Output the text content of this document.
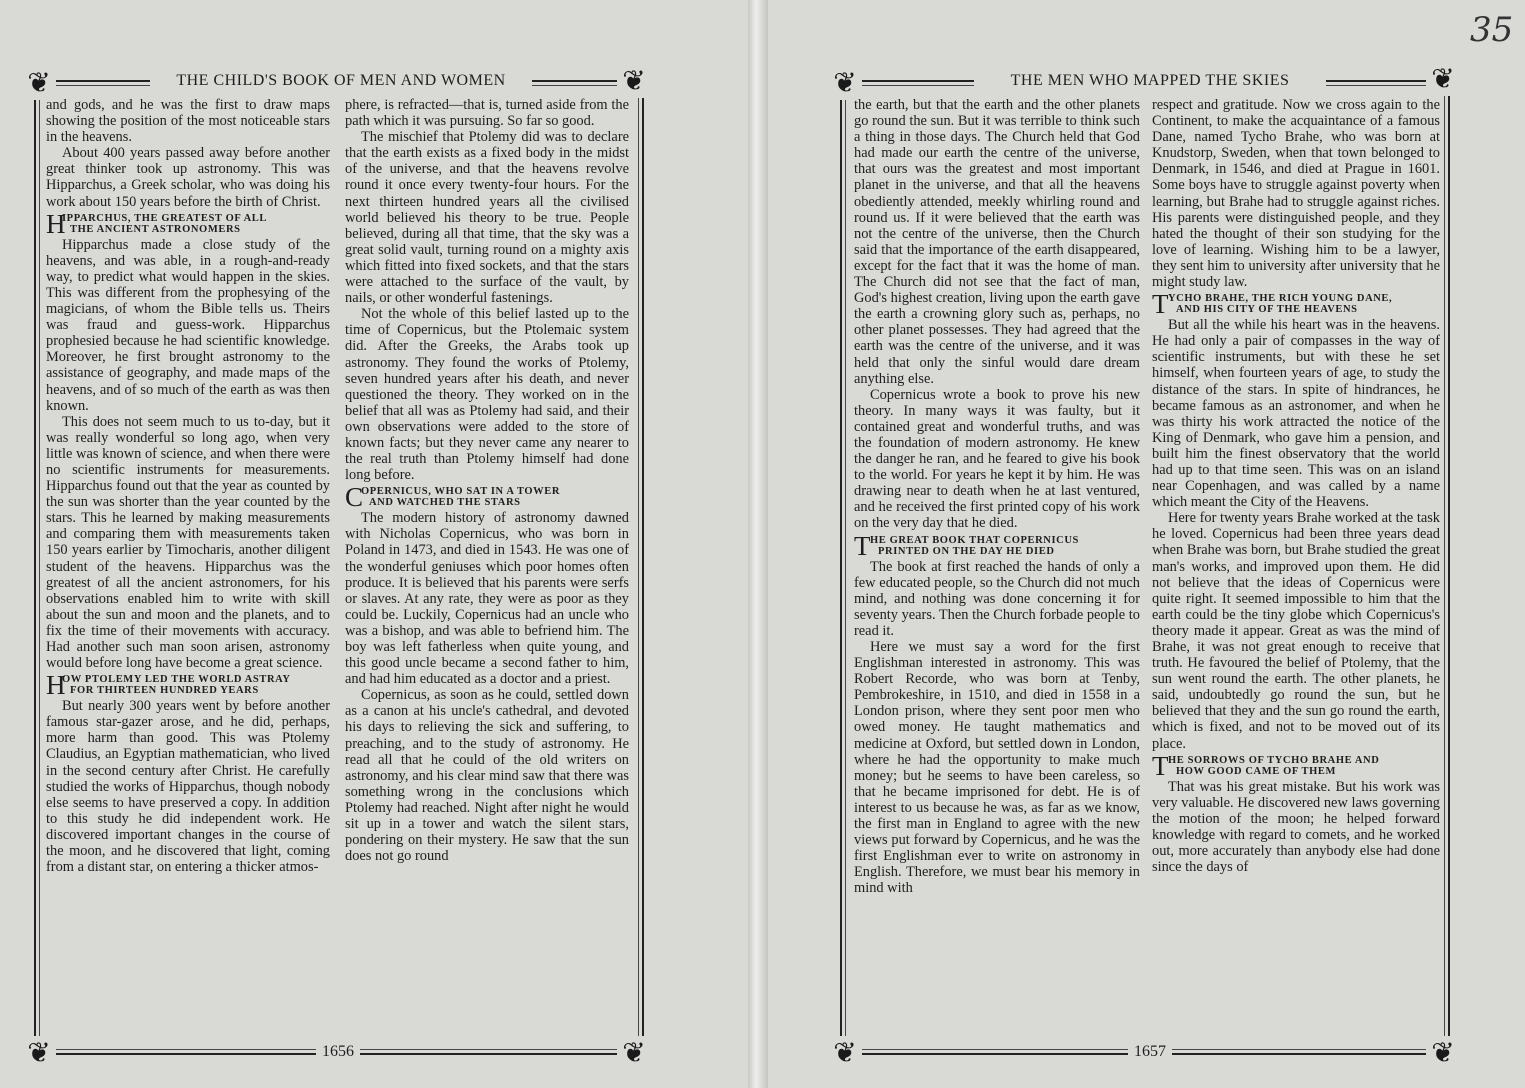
❦	❦
❦	❦
THE CHILD'S BOOK OF MEN AND WOMEN
1656

and gods, and he was the first to draw maps showing the position of the most noticeable stars in the heavens.

About 400 years passed away before another great thinker took up astronomy. This was Hipparchus, a Greek scholar, who was doing his work about 150 years before the birth of Christ.

H
IPPARCHUS, THE GREATEST OF ALL
THE ANCIENT ASTRONOMERS

Hipparchus made a close study of the heavens, and was able, in a rough-and-ready way, to predict what would happen in the skies. This was different from the prophesying of the magicians, of whom the Bible tells us. Theirs was fraud and guess-work. Hipparchus prophesied because he had scientific knowledge. Moreover, he first brought astronomy to the assistance of geography, and made maps of the heavens, and of so much of the earth as was then known.

This does not seem much to us to-day, but it was really wonderful so long ago, when very little was known of science, and when there were no scientific instruments for measurements. Hipparchus found out that the year as counted by the sun was shorter than the year counted by the stars. This he learned by making measurements and comparing them with measurements taken 150 years earlier by Timocharis, another diligent student of the heavens. Hipparchus was the greatest of all the ancient astronomers, for his observations enabled him to write with skill about the sun and moon and the planets, and to fix the time of their movements with accuracy. Had another such man soon arisen, astronomy would before long have become a great science.

H
OW PTOLEMY LED THE WORLD ASTRAY
FOR THIRTEEN HUNDRED YEARS

But nearly 300 years went by before another famous star-gazer arose, and he did, perhaps, more harm than good. This was Ptolemy Claudius, an Egyptian mathematician, who lived in the second century after Christ. He carefully studied the works of Hipparchus, though nobody else seems to have preserved a copy. In addition to this study he did independent work. He discovered important changes in the course of the moon, and he discovered that light, coming from a distant star, on entering a thicker atmos-

phere, is refracted—that is, turned aside from the path which it was pursuing. So far so good.

The mischief that Ptolemy did was to declare that the earth exists as a fixed body in the midst of the universe, and that the heavens revolve round it once every twenty-four hours. For the next thirteen hundred years all the civilised world believed his theory to be true. People believed, during all that time, that the sky was a great solid vault, turning round on a mighty axis which fitted into fixed sockets, and that the stars were attached to the surface of the vault, by nails, or other wonderful fastenings.

Not the whole of this belief lasted up to the time of Copernicus, but the Ptolemaic system did. After the Greeks, the Arabs took up astronomy. They found the works of Ptolemy, seven hundred years after his death, and never questioned the theory. They worked on in the belief that all was as Ptolemy had said, and their own observations were added to the store of known facts; but they never came any nearer to the real truth than Ptolemy himself had done long before.

C
OPERNICUS, WHO SAT IN A TOWER
AND WATCHED THE STARS

The modern history of astronomy dawned with Nicholas Copernicus, who was born in Poland in 1473, and died in 1543. He was one of the wonderful geniuses which poor homes often produce. It is believed that his parents were serfs or slaves. At any rate, they were as poor as they could be. Luckily, Copernicus had an uncle who was a bishop, and was able to befriend him. The boy was left fatherless when quite young, and this good uncle became a second father to him, and had him educated as a doctor and a priest.

Copernicus, as soon as he could, settled down as a canon at his uncle's cathedral, and devoted his days to relieving the sick and suffering, to preaching, and to the study of astronomy. He read all that he could of the old writers on astronomy, and his clear mind saw that there was something wrong in the conclusions which Ptolemy had reached. Night after night he would sit up in a tower and watch the silent stars, pondering on their mystery. He saw that the sun does not go round

❦	❦
❦	❦
THE MEN WHO MAPPED THE SKIES
1657

the earth, but that the earth and the other planets go round the sun. But it was terrible to think such a thing in those days. The Church held that God had made our earth the centre of the universe, that ours was the greatest and most important planet in the universe, and that all the heavens obediently attended, meekly whirling round and round us. If it were believed that the earth was not the centre of the universe, then the Church said that the importance of the earth disappeared, except for the fact that it was the home of man. The Church did not see that the fact of man, God's highest creation, living upon the earth gave the earth a crowning glory such as, perhaps, no other planet possesses. They had agreed that the earth was the centre of the universe, and it was held that only the sinful would dare dream anything else.

Copernicus wrote a book to prove his new theory. In many ways it was faulty, but it contained great and wonderful truths, and was the foundation of modern astronomy. He knew the danger he ran, and he feared to give his book to the world. For years he kept it by him. He was drawing near to death when he at last ventured, and he received the first printed copy of his work on the very day that he died.

T
HE GREAT BOOK THAT COPERNICUS
PRINTED ON THE DAY HE DIED

The book at first reached the hands of only a few educated people, so the Church did not much mind, and nothing was done concerning it for seventy years. Then the Church forbade people to read it.

Here we must say a word for the first Englishman interested in astronomy. This was Robert Recorde, who was born at Tenby, Pembrokeshire, in 1510, and died in 1558 in a London prison, where they sent poor men who owed money. He taught mathematics and medicine at Oxford, but settled down in London, where he had the opportunity to make much money; but he seems to have been careless, so that he became imprisoned for debt. He is of interest to us because he was, as far as we know, the first man in England to agree with the new views put forward by Copernicus, and he was the first Englishman ever to write on astronomy in English. Therefore, we must bear his memory in mind with

respect and gratitude. Now we cross again to the Continent, to make the acquaintance of a famous Dane, named Tycho Brahe, who was born at Knudstorp, Sweden, when that town belonged to Denmark, in 1546, and died at Prague in 1601. Some boys have to struggle against poverty when learning, but Brahe had to struggle against riches. His parents were distinguished people, and they hated the thought of their son studying for the love of learning. Wishing him to be a lawyer, they sent him to university after university that he might study law.

T
YCHO BRAHE, THE RICH YOUNG DANE,
AND HIS CITY OF THE HEAVENS

But all the while his heart was in the heavens. He had only a pair of compasses in the way of scientific instruments, but with these he set himself, when fourteen years of age, to study the distance of the stars. In spite of hindrances, he became famous as an astronomer, and when he was thirty his work attracted the notice of the King of Denmark, who gave him a pension, and built him the finest observatory that the world had up to that time seen. This was on an island near Copenhagen, and was called by a name which meant the City of the Heavens.

Here for twenty years Brahe worked at the task he loved. Copernicus had been three years dead when Brahe was born, but Brahe studied the great man's works, and improved upon them. He did not believe that the ideas of Copernicus were quite right. It seemed impossible to him that the earth could be the tiny globe which Copernicus's theory made it appear. Great as was the mind of Brahe, it was not great enough to receive that truth. He favoured the belief of Ptolemy, that the sun went round the earth. The other planets, he said, undoubtedly go round the sun, but he believed that they and the sun go round the earth, which is fixed, and not to be moved out of its place.

T
HE SORROWS OF TYCHO BRAHE AND
HOW GOOD CAME OF THEM

That was his great mistake. But his work was very valuable. He discovered new laws governing the motion of the moon; he helped forward knowledge with regard to comets, and he worked out, more accurately than anybody else had done since the days of

35
